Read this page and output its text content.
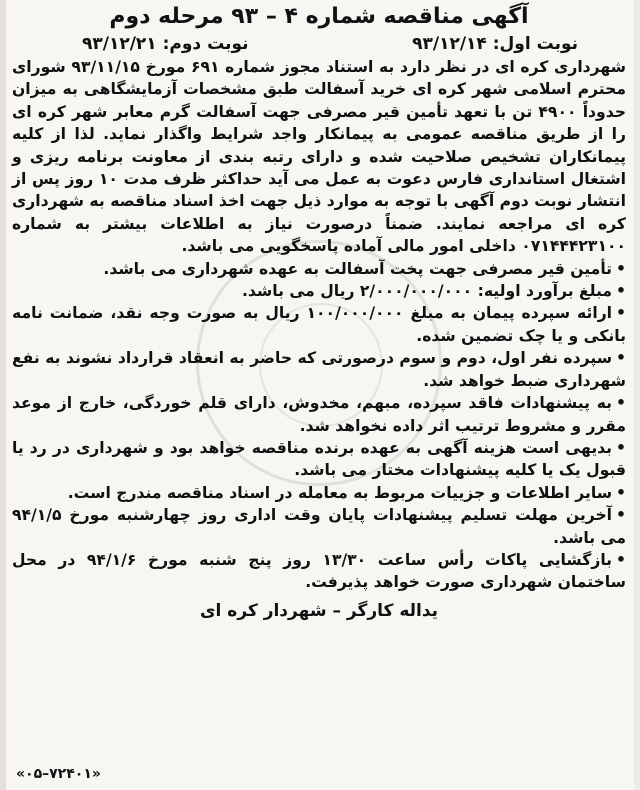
آگهی مناقصه شماره ۴ – ۹۳ مرحله دوم
نوبت اول: ۹۳/۱۲/۱۴
نوبت دوم: ۹۳/۱۲/۲۱

شهرداری کره ای در نظر دارد به استناد مجوز شماره ۶۹۱ مورخ ۹۳/۱۱/۱۵ شورای محترم اسلامی شهر کره ای خرید آسفالت طبق مشخصات آزمایشگاهی به میزان حدوداً ۴۹۰۰ تن با تعهد تأمین قیر مصرفی جهت آسفالت گرم معابر شهر کره ای را از طریق مناقصه عمومی به پیمانکار واجد شرایط واگذار نماید. لذا از کلیه پیمانکاران تشخیص صلاحیت شده و دارای رتبه بندی از معاونت برنامه ریزی و اشتغال استانداری فارس دعوت به عمل می آید حداکثر ظرف مدت ۱۰ روز پس از انتشار نوبت دوم آگهی با توجه به موارد ذیل جهت اخذ اسناد مناقصه به شهرداری کره ای مراجعه نمایند. ضمناً درصورت نیاز به اطلاعات بیشتر به شماره ۰۷۱۴۴۴۲۳۱۰۰ داخلی امور مالی آماده پاسخگویی می باشد.

•تأمین قیر مصرفی جهت پخت آسفالت به عهده شهرداری می باشد.
•مبلغ برآورد اولیه: ۲/۰۰۰/۰۰۰/۰۰۰ ریال می باشد.
•ارائه سپرده پیمان به مبلغ ۱۰۰/۰۰۰/۰۰۰ ریال به صورت وجه نقد، ضمانت نامه بانکی و یا چک تضمین شده.
•سپرده نفر اول، دوم و سوم درصورتی که حاضر به انعقاد قرارداد نشوند به نفع شهرداری ضبط خواهد شد.
•به پیشنهادات فاقد سپرده، مبهم، مخدوش، دارای قلم خوردگی، خارج از موعد مقرر و مشروط ترتیب اثر داده نخواهد شد.
•بدیهی است هزینه آگهی به عهده برنده مناقصه خواهد بود و شهرداری در رد یا قبول یک یا کلیه پیشنهادات مختار می باشد.
•سایر اطلاعات و جزییات مربوط به معامله در اسناد مناقصه مندرج است.
•آخرین مهلت تسلیم پیشنهادات پایان وقت اداری روز چهارشنبه مورخ ۹۴/۱/۵ می باشد.
•بازگشایی پاکات رأس ساعت ۱۳/۳۰ روز پنج شنبه مورخ ۹۴/۱/۶ در محل ساختمان شهرداری صورت خواهد پذیرفت.
یداله کارگر – شهردار کره ای
«۰۵–۷۲۴۰۱»
